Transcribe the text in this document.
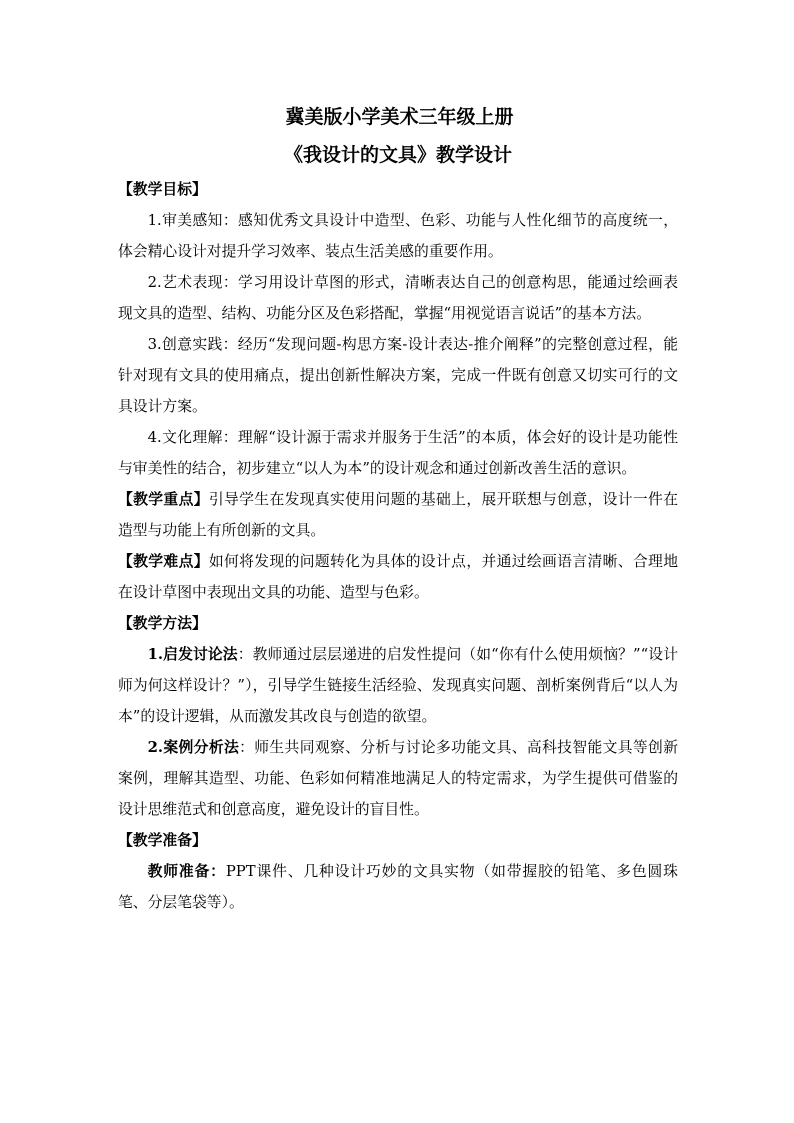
冀美版小学美术三年级上册

《我设计的文具》教学设计

【教学目标】

1.审美感知：感知优秀文具设计中造型、色彩、功能与人性化细节的高度统一，体会精心设计对提升学习效率、装点生活美感的重要作用。

2.艺术表现：学习用设计草图的形式，清晰表达自己的创意构思，能通过绘画表现文具的造型、结构、功能分区及色彩搭配，掌握“用视觉语言说话”的基本方法。

3.创意实践：经历“发现问题-构思方案-设计表达-推介阐释”的完整创意过程，能针对现有文具的使用痛点，提出创新性解决方案，完成一件既有创意又切实可行的文具设计方案。

4.文化理解：理解“设计源于需求并服务于生活”的本质，体会好的设计是功能性与审美性的结合，初步建立“以人为本”的设计观念和通过创新改善生活的意识。

【教学重点】引导学生在发现真实使用问题的基础上，展开联想与创意，设计一件在造型与功能上有所创新的文具。

【教学难点】如何将发现的问题转化为具体的设计点，并通过绘画语言清晰、合理地在设计草图中表现出文具的功能、造型与色彩。

【教学方法】

1.启发讨论法：教师通过层层递进的启发性提问（如“你有什么使用烦恼？”“设计师为何这样设计？”），引导学生链接生活经验、发现真实问题、剖析案例背后“以人为本”的设计逻辑，从而激发其改良与创造的欲望。

2.案例分析法：师生共同观察、分析与讨论多功能文具、高科技智能文具等创新案例，理解其造型、功能、色彩如何精准地满足人的特定需求，为学生提供可借鉴的设计思维范式和创意高度，避免设计的盲目性。

【教学准备】

教师准备：PPT课件、几种设计巧妙的文具实物（如带握胶的铅笔、多色圆珠笔、分层笔袋等）。
